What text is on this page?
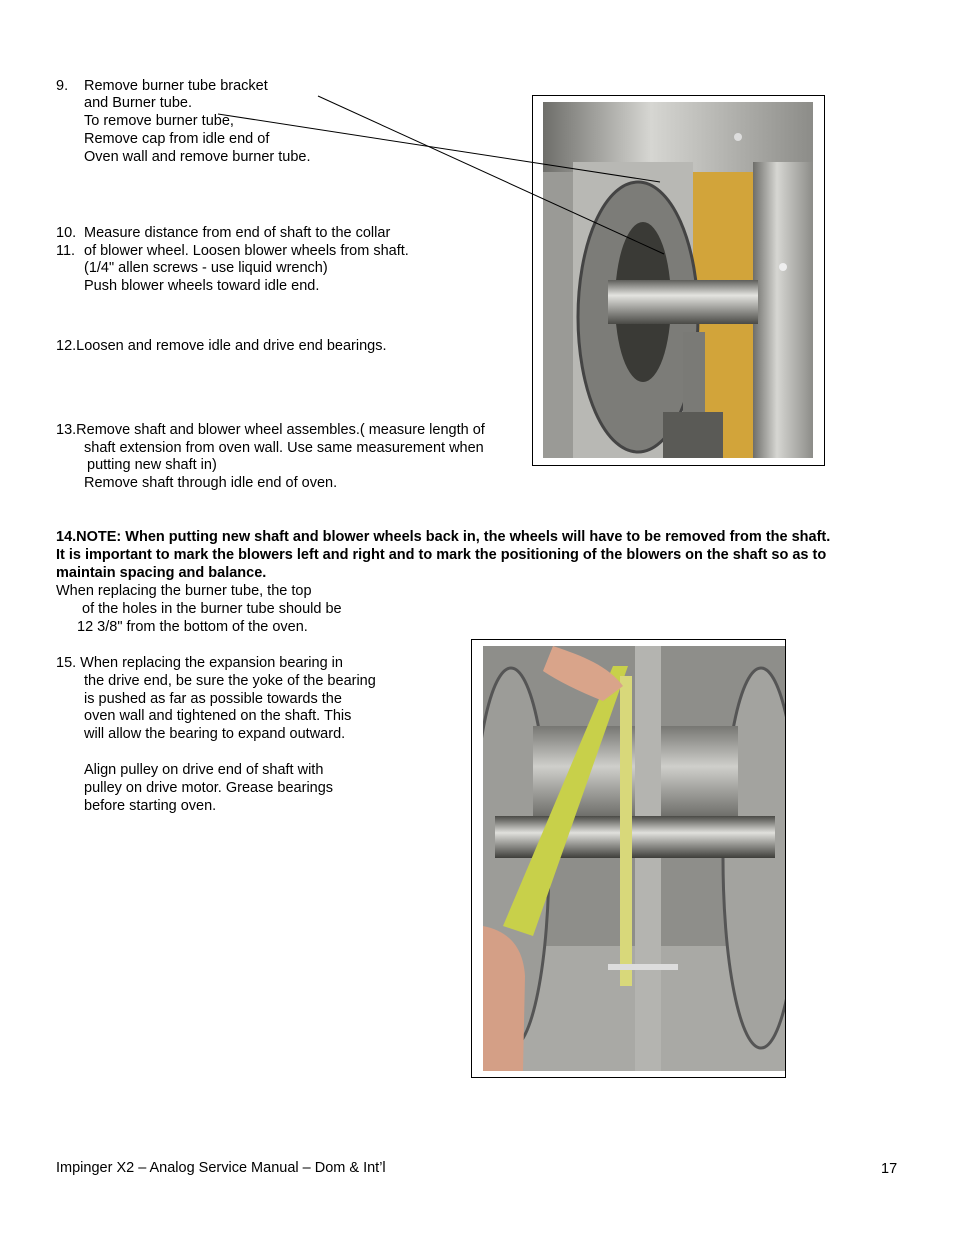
9. Remove burner tube bracket
and Burner tube.
To remove burner tube,
Remove cap from idle end of
Oven wall and remove burner tube.
10. Measure distance from end of shaft to the collar
11. of blower wheel. Loosen blower wheels from shaft.
(1/4" allen screws - use liquid wrench)
Push blower wheels toward idle end.
12.Loosen and remove idle and drive end bearings.
13.Remove shaft and blower wheel assembles.( measure length of
shaft extension from oven wall. Use same measurement when
putting new shaft in)
Remove shaft through idle end of oven.
14.NOTE: When putting new shaft and blower wheels back in, the wheels will have to be removed from the shaft.
It is important to mark the blowers left and right and to mark the positioning of the blowers on the shaft so as to
maintain spacing and balance.
When replacing the burner tube, the top
of the holes in the burner tube should be
12 3/8" from the bottom of the oven.
15. When replacing the expansion bearing in
the drive end, be sure the yoke of the bearing
is pushed as far as possible towards the
oven wall and tightened on the shaft. This
will allow the bearing to expand outward.
Align pulley on drive end of shaft with
pulley on drive motor. Grease bearings
before starting oven.
Impinger X2 – Analog Service Manual – Dom & Int’l	17
